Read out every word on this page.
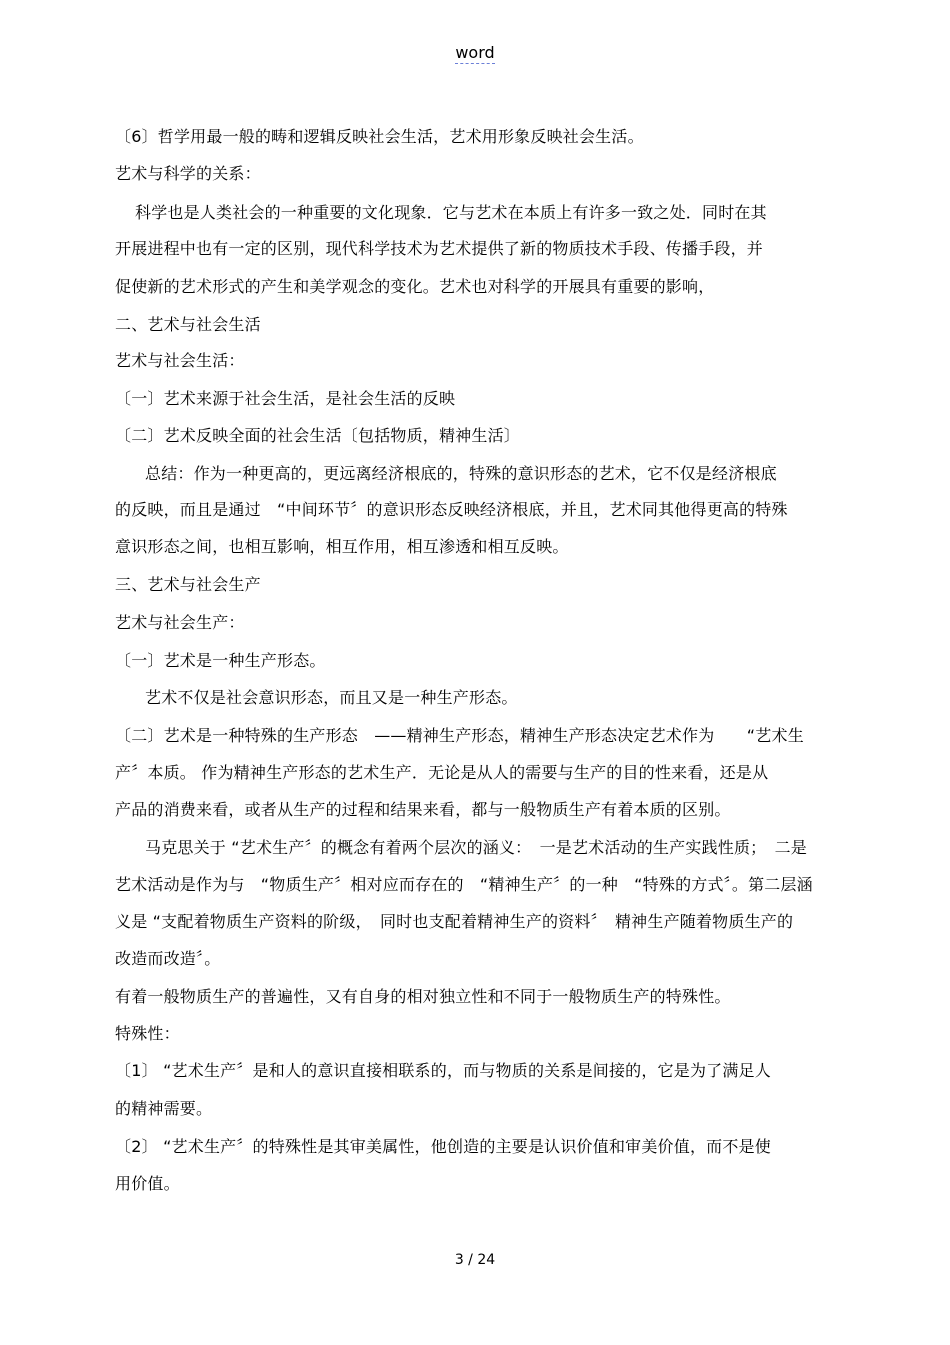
word
〔6〕哲学用最一般的畴和逻辑反映社会生活，艺术用形象反映社会生活。
艺术与科学的关系：
科学也是人类社会的一种重要的文化现象．它与艺术在本质上有许多一致之处．同时在其
开展进程中也有一定的区别，现代科学技术为艺术提供了新的物质技术手段、传播手段，并
促使新的艺术形式的产生和美学观念的变化。艺术也对科学的开展具有重要的影响，
二、艺术与社会生活
艺术与社会生活：
〔一〕艺术来源于社会生活，是社会生活的反映
〔二〕艺术反映全面的社会生活〔包括物质，精神生活〕
总结：作为一种更高的，更远离经济根底的，特殊的意识形态的艺术，它不仅是经济根底
的反映，而且是通过　“中间环节〞的意识形态反映经济根底，并且，艺术同其他得更高的特殊
意识形态之间，也相互影响，相互作用，相互渗透和相互反映。
三、艺术与社会生产
艺术与社会生产：
〔一〕艺术是一种生产形态。
艺术不仅是社会意识形态，而且又是一种生产形态。
〔二〕艺术是一种特殊的生产形态　——精神生产形态，精神生产形态决定艺术作为　　“艺术生
产〞本质。 作为精神生产形态的艺术生产．无论是从人的需要与生产的目的性来看，还是从
产品的消费来看，或者从生产的过程和结果来看，都与一般物质生产有着本质的区别。
马克思关于 “艺术生产〞的概念有着两个层次的涵义：　一是艺术活动的生产实践性质；　二是
艺术活动是作为与　“物质生产〞相对应而存在的　“精神生产〞的一种　“特殊的方式〞。第二层涵
义是 “支配着物质生产资料的阶级，　同时也支配着精神生产的资料〞　精神生产随着物质生产的
改造而改造〞。
有着一般物质生产的普遍性，又有自身的相对独立性和不同于一般物质生产的特殊性。
特殊性：
〔1〕 “艺术生产〞是和人的意识直接相联系的，而与物质的关系是间接的，它是为了满足人
的精神需要。
〔2〕 “艺术生产〞的特殊性是其审美属性，他创造的主要是认识价值和审美价值，而不是使
用价值。
3 / 24
